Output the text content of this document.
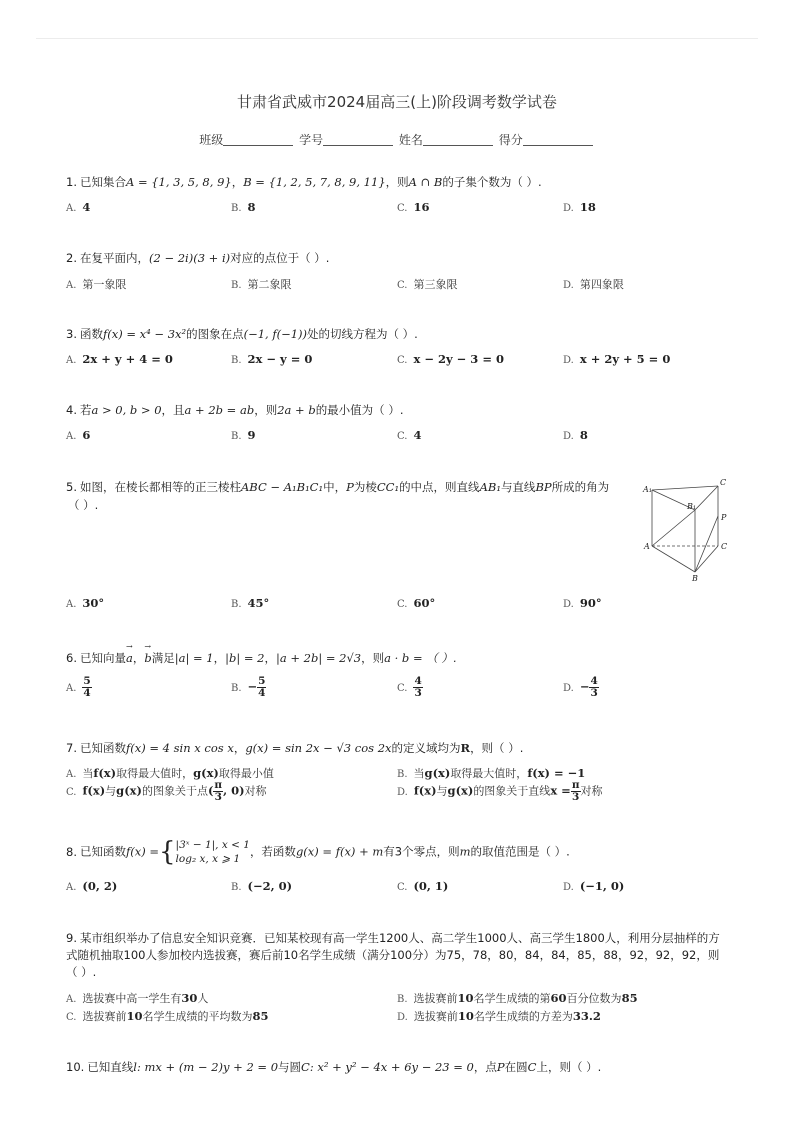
甘肃省武威市2024届高三(上)阶段调考数学试卷
班级	学号	姓名	得分
1. 已知集合A = {1, 3, 5, 8, 9}，B = {1, 2, 5, 7, 8, 9, 11}，则A ∩ B的子集个数为（ ）.
A. 4	B. 8	C. 16	D. 18
2. 在复平面内，(2 − 2i)(3 + i)对应的点位于（ ）.
A. 第一象限	B. 第二象限	C. 第三象限	D. 第四象限
3. 函数f(x) = x⁴ − 3x²的图象在点(−1, f(−1))处的切线方程为（ ）.
A. 2x + y + 4 = 0	B. 2x − y = 0	C. x − 2y − 3 = 0	D. x + 2y + 5 = 0
4. 若a > 0, b > 0，且a + 2b = ab，则2a + b的最小值为（ ）.
A. 6	B. 9	C. 4	D. 8
5. 如图，在棱长都相等的正三棱柱ABC − A₁B₁C₁中，P为棱CC₁的中点，则直线AB₁与直线BP所成的角为
（ ）.
A₁
C
B₁
P
A	C
B
A. 30°	B. 45°	C. 60°	D. 90°
6. 已知向量→ a，→ b满足|a| = 1，|b| = 2，|a + 2b| = 2√3，则a · b = （ ）.
A. $\frac{5}{4}$	B. − $\frac{5}{4}$	C. $\frac{4}{3}$	D. − $\frac{4}{3}$
7. 已知函数f(x) = 4 sin x cos x，g(x) = sin 2x − √3 cos 2x的定义域均为R，则（ ）.
A. 当f(x)取得最大值时，g(x)取得最小值	B. 当g(x)取得最大值时，f(x) = −1
C. f(x)与g(x)的图象关于点( $\frac{\pi}{3}$ , 0)对称	D. f(x)与g(x)的图象关于直线$x = \frac{\pi}{3}$ 对称
8. 已知函数f(x) ={ |3ˣ − 1|, x < 1
log₂ x, x ⩾ 1
，若函数g(x) = f(x) + m有3个零点，则m的取值范围是（ ）.
A. (0, 2)	B. (−2, 0)	C. (0, 1)	D. (−1, 0)
9. 某市组织举办了信息安全知识竞赛．已知某校现有高一学生1200人、高二学生1000人、高三学生1800人，利用分层抽样的方式随机抽取100人参加校内选拔赛，赛后前10名学生成绩（满分100分）为75，78，80，84，84，85，88，92，92，92，则（ ）.
A. 选拔赛中高一学生有30人	B. 选拔赛前10名学生成绩的第60百分位数为85
C. 选拔赛前10名学生成绩的平均数为85	D. 选拔赛前10名学生成绩的方差为33.2
10. 已知直线l: mx + (m − 2)y + 2 = 0与圆C: x² + y² − 4x + 6y − 23 = 0，点P在圆C上，则（ ）.
